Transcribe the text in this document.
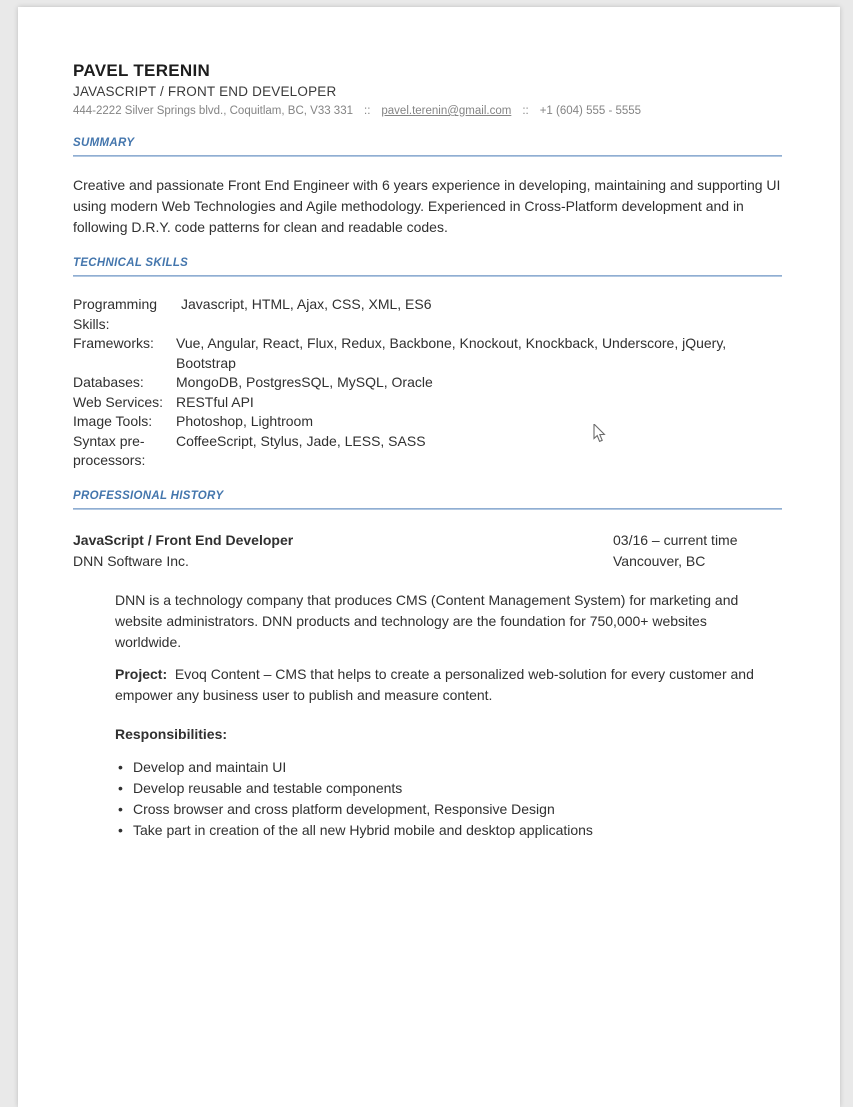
PAVEL TERENIN
JAVASCRIPT / FRONT END DEVELOPER
444-2222 Silver Springs blvd., Coquitlam, BC, V33 331 :: pavel.terenin@gmail.com :: +1 (604) 555 - 5555
SUMMARY

Creative and passionate Front End Engineer with 6 years experience in developing, maintaining and supporting UI using modern Web Technologies and Agile methodology. Experienced in Cross-Platform development and in following D.R.Y. code patterns for clean and readable codes.

TECHNICAL SKILLS
Programming Skills:
Javascript, HTML, Ajax, CSS, XML, ES6
Frameworks:	Vue, Angular, React, Flux, Redux, Backbone, Knockout, Knockback, Underscore, jQuery, Bootstrap
Databases:	MongoDB, PostgresSQL, MySQL, Oracle
Web Services: RESTful API
Image Tools:	Photoshop, Lightroom
Syntax pre-processors:
CoffeeScript, Stylus, Jade, LESS, SASS
PROFESSIONAL HISTORY
JavaScript / Front End Developer	03/16 – current time
DNN Software Inc.	Vancouver, BC

DNN is a technology company that produces CMS (Content Management System) for marketing and website administrators. DNN products and technology are the foundation for 750,000+ websites worldwide.

Project: Evoq Content – CMS that helps to create a personalized web-solution for every customer and empower any business user to publish and measure content.

Responsibilities:

• Develop and maintain UI
• Develop reusable and testable components
• Cross browser and cross platform development, Responsive Design
• Take part in creation of the all new Hybrid mobile and desktop applications
